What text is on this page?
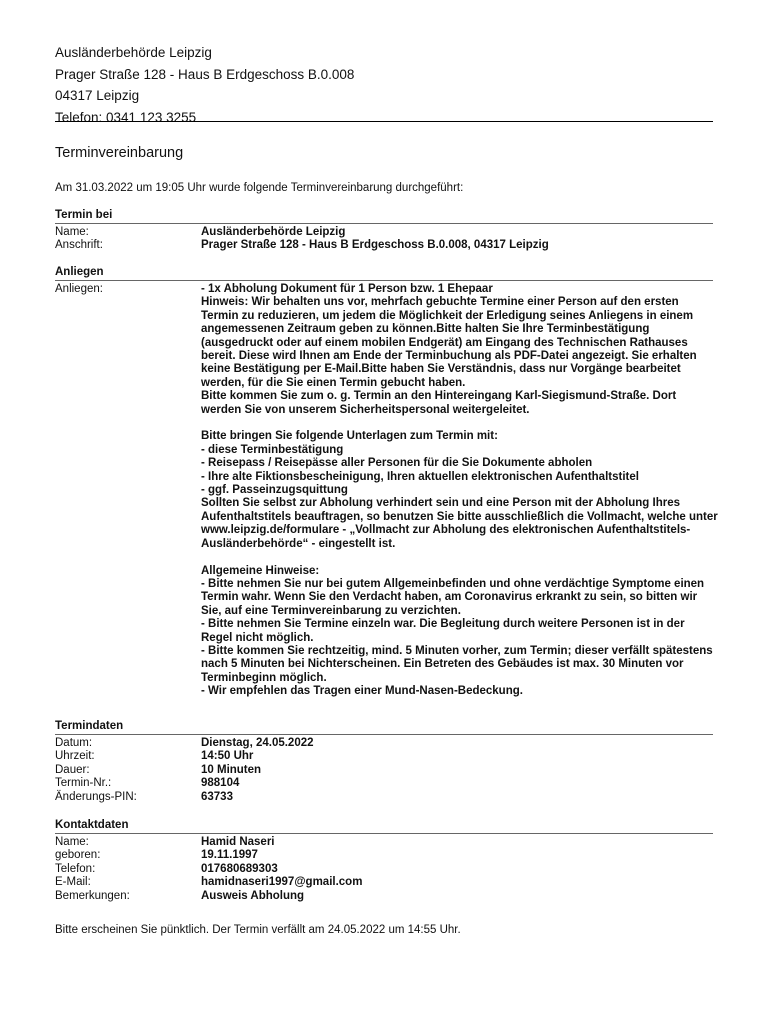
Ausländerbehörde Leipzig
Prager Straße 128 - Haus B Erdgeschoss B.0.008
04317 Leipzig
Telefon: 0341 123 3255
Terminvereinbarung
Am 31.03.2022 um 19:05 Uhr wurde folgende Terminvereinbarung durchgeführt:
Termin bei
Name:	Ausländerbehörde Leipzig
Anschrift:	Prager Straße 128 - Haus B Erdgeschoss B.0.008, 04317 Leipzig
Anliegen
Anliegen:	- 1x Abholung Dokument für 1 Person bzw. 1 Ehepaar
Hinweis: Wir behalten uns vor, mehrfach gebuchte Termine einer Person auf den ersten
Termin zu reduzieren, um jedem die Möglichkeit der Erledigung seines Anliegens in einem
angemessenen Zeitraum geben zu können.Bitte halten Sie Ihre Terminbestätigung
(ausgedruckt oder auf einem mobilen Endgerät) am Eingang des Technischen Rathauses
bereit. Diese wird Ihnen am Ende der Terminbuchung als PDF-Datei angezeigt. Sie erhalten
keine Bestätigung per E-Mail.Bitte haben Sie Verständnis, dass nur Vorgänge bearbeitet
werden, für die Sie einen Termin gebucht haben.
Bitte kommen Sie zum o. g. Termin an den Hintereingang Karl-Siegismund-Straße. Dort
werden Sie von unserem Sicherheitspersonal weitergeleitet.
Bitte bringen Sie folgende Unterlagen zum Termin mit:
- diese Terminbestätigung
- Reisepass / Reisepässe aller Personen für die Sie Dokumente abholen
- Ihre alte Fiktionsbescheinigung, Ihren aktuellen elektronischen Aufenthaltstitel
- ggf. Passeinzugsquittung
Sollten Sie selbst zur Abholung verhindert sein und eine Person mit der Abholung Ihres
Aufenthaltstitels beauftragen, so benutzen Sie bitte ausschließlich die Vollmacht, welche unter
www.leipzig.de/formulare - „Vollmacht zur Abholung des elektronischen Aufenthaltstitels-
Ausländerbehörde“ - eingestellt ist.
Allgemeine Hinweise:
- Bitte nehmen Sie nur bei gutem Allgemeinbefinden und ohne verdächtige Symptome einen
Termin wahr. Wenn Sie den Verdacht haben, am Coronavirus erkrankt zu sein, so bitten wir
Sie, auf eine Terminvereinbarung zu verzichten.
- Bitte nehmen Sie Termine einzeln war. Die Begleitung durch weitere Personen ist in der
Regel nicht möglich.
- Bitte kommen Sie rechtzeitig, mind. 5 Minuten vorher, zum Termin; dieser verfällt spätestens
nach 5 Minuten bei Nichterscheinen. Ein Betreten des Gebäudes ist max. 30 Minuten vor
Terminbeginn möglich.
- Wir empfehlen das Tragen einer Mund-Nasen-Bedeckung.
Termindaten
Datum:	Dienstag, 24.05.2022
Uhrzeit:	14:50 Uhr
Dauer:	10 Minuten
Termin-Nr.:	988104
Änderungs-PIN:	63733
Kontaktdaten
Name:	Hamid Naseri
geboren:	19.11.1997
Telefon:	017680689303
E-Mail:	hamidnaseri1997@gmail.com
Bemerkungen:	Ausweis Abholung
Bitte erscheinen Sie pünktlich. Der Termin verfällt am 24.05.2022 um 14:55 Uhr.
